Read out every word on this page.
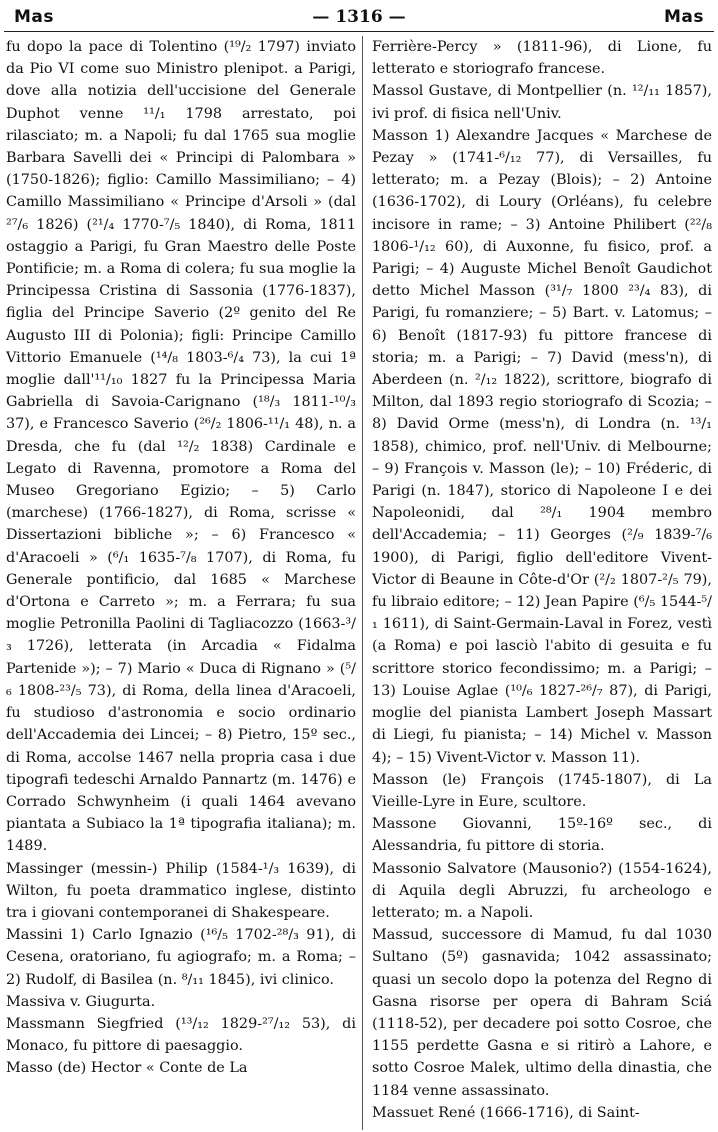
Mas	— 1316 —	Mas

fu dopo la pace di Tolentino (¹⁹/₂ 1797) inviato da Pio VI come suo Ministro plenipot. a Parigi, dove alla notizia dell'uccisione del Generale Duphot venne ¹¹/₁ 1798 arrestato, poi rilasciato; m. a Napoli; fu dal 1765 sua moglie Barbara Savelli dei « Principi di Palombara » (1750-1826); figlio: Camillo Massimiliano; – 4) Camillo Massimiliano « Principe d'Arsoli » (dal ²⁷/₆ 1826) (²¹/₄ 1770-⁷/₅ 1840), di Roma, 1811 ostaggio a Parigi, fu Gran Maestro delle Poste Pontificie; m. a Roma di colera; fu sua moglie la Principessa Cristina di Sassonia (1776-1837), figlia del Principe Saverio (2º genito del Re Augusto III di Polonia); figli: Principe Camillo Vittorio Emanuele (¹⁴/₈ 1803-⁶/₄ 73), la cui 1ª moglie dall'¹¹/₁₀ 1827 fu la Principessa Maria Gabriella di Savoia-Carignano (¹⁸/₃ 1811-¹⁰/₃ 37), e Francesco Saverio (²⁶/₂ 1806-¹¹/₁ 48), n. a Dresda, che fu (dal ¹²/₂ 1838) Cardinale e Legato di Ravenna, promotore a Roma del Museo Gregoriano Egizio; – 5) Carlo (marchese) (1766-1827), di Roma, scrisse « Dissertazioni bibliche »; – 6) Francesco « d'Aracoeli » (⁶/₁ 1635-⁷/₈ 1707), di Roma, fu Generale pontificio, dal 1685 « Marchese d'Ortona e Carreto »; m. a Ferrara; fu sua moglie Petronilla Paolini di Tagliacozzo (1663-³/₃ 1726), letterata (in Arcadia « Fidalma Partenide »); – 7) Mario « Duca di Rignano » (⁵/₆ 1808-²³/₅ 73), di Roma, della linea d'Aracoeli, fu studioso d'astronomia e socio ordinario dell'Accademia dei Lincei; – 8) Pietro, 15º sec., di Roma, accolse 1467 nella propria casa i due tipografi tedeschi Arnaldo Pannartz (m. 1476) e Corrado Schwynheim (i quali 1464 avevano piantata a Subiaco la 1ª tipografia italiana); m. 1489.

Massinger (messin-) Philip (1584-¹/₃ 1639), di Wilton, fu poeta drammatico inglese, distinto tra i giovani contemporanei di Shakespeare.

Massini 1) Carlo Ignazio (¹⁶/₅ 1702-²⁸/₃ 91), di Cesena, oratoriano, fu agiografo; m. a Roma; – 2) Rudolf, di Basilea (n. ⁸/₁₁ 1845), ivi clinico.

Massiva v. Giugurta.

Massmann Siegfried (¹³/₁₂ 1829-²⁷/₁₂ 53), di Monaco, fu pittore di paesaggio.

Masso (de) Hector « Conte de La

Ferrière-Percy » (1811-96), di Lione, fu letterato e storiografo francese.

Massol Gustave, di Montpellier (n. ¹²/₁₁ 1857), ivi prof. di fisica nell'Univ.

Masson 1) Alexandre Jacques « Marchese de Pezay » (1741-⁶/₁₂ 77), di Versailles, fu letterato; m. a Pezay (Blois); – 2) Antoine (1636-1702), di Loury (Orléans), fu celebre incisore in rame; – 3) Antoine Philibert (²²/₈ 1806-¹/₁₂ 60), di Auxonne, fu fisico, prof. a Parigi; – 4) Auguste Michel Benoît Gaudichot detto Michel Masson (³¹/₇ 1800 ²³/₄ 83), di Parigi, fu romanziere; – 5) Bart. v. Latomus; – 6) Benoît (1817-93) fu pittore francese di storia; m. a Parigi; – 7) David (mess'n), di Aberdeen (n. ²/₁₂ 1822), scrittore, biografo di Milton, dal 1893 regio storiografo di Scozia; – 8) David Orme (mess'n), di Londra (n. ¹³/₁ 1858), chimico, prof. nell'Univ. di Melbourne; – 9) François v. Masson (le); – 10) Fréderic, di Parigi (n. 1847), storico di Napoleone I e dei Napoleonidi, dal ²⁸/₁ 1904 membro dell'Accademia; – 11) Georges (²/₉ 1839-⁷/₆ 1900), di Parigi, figlio dell'editore Vivent-Victor di Beaune in Côte-d'Or (²/₂ 1807-²/₅ 79), fu libraio editore; – 12) Jean Papire (⁶/₅ 1544-⁵/₁ 1611), di Saint-Germain-Laval in Forez, vestì (a Roma) e poi lasciò l'abito di gesuita e fu scrittore storico fecondissimo; m. a Parigi; – 13) Louise Aglae (¹⁰/₆ 1827-²⁶/₇ 87), di Parigi, moglie del pianista Lambert Joseph Massart di Liegi, fu pianista; – 14) Michel v. Masson 4); – 15) Vivent-Victor v. Masson 11).

Masson (le) François (1745-1807), di La Vieille-Lyre in Eure, scultore.

Massone Giovanni, 15º-16º sec., di Alessandria, fu pittore di storia.

Massonio Salvatore (Mausonio?) (1554-1624), di Aquila degli Abruzzi, fu archeologo e letterato; m. a Napoli.

Massud, successore di Mamud, fu dal 1030 Sultano (5º) gasnavida; 1042 assassinato; quasi un secolo dopo la potenza del Regno di Gasna risorse per opera di Bahram Sciá (1118-52), per decadere poi sotto Cosroe, che 1155 perdette Gasna e si ritirò a Lahore, e sotto Cosroe Malek, ultimo della dinastia, che 1184 venne assassinato.

Massuet René (1666-1716), di Saint-
